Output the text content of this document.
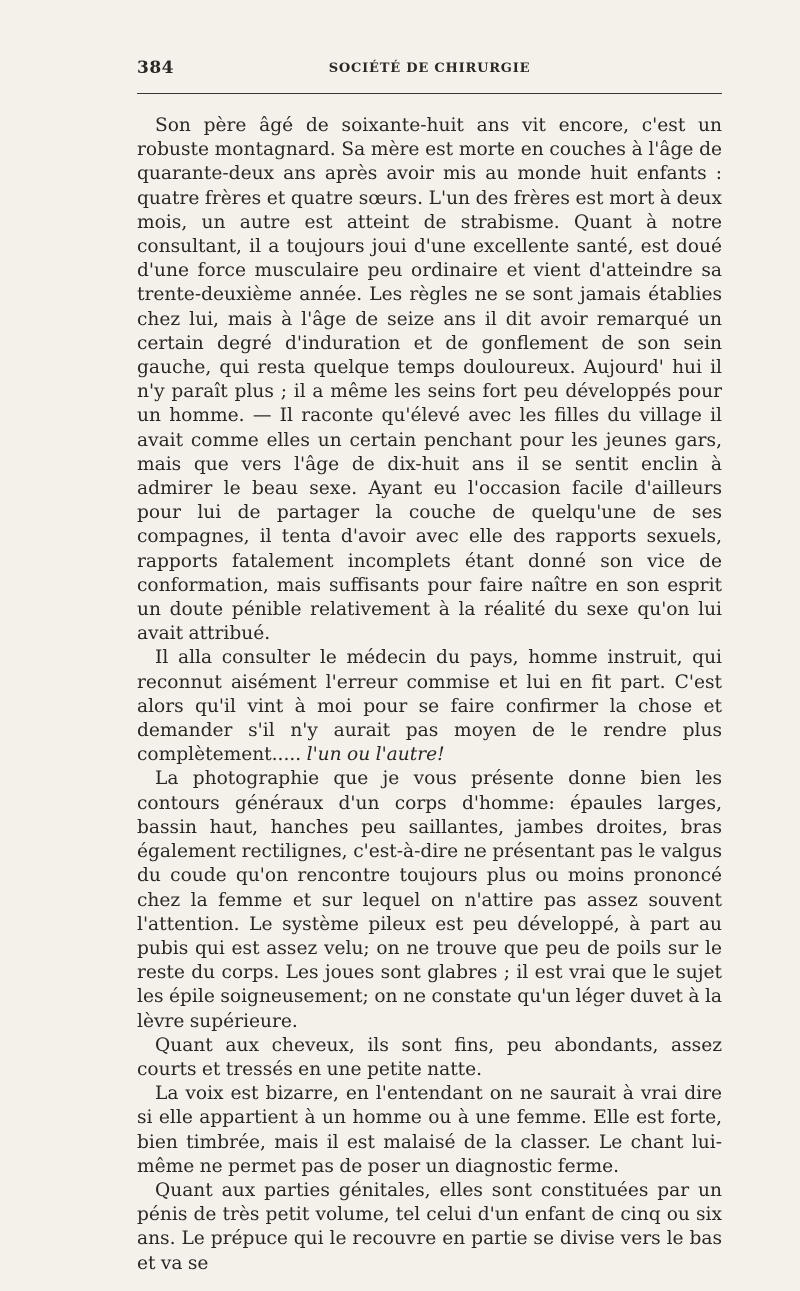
384	SOCIÉTÉ DE CHIRURGIE

Son père âgé de soixante-huit ans vit encore, c'est un robuste montagnard. Sa mère est morte en couches à l'âge de quarante-deux ans après avoir mis au monde huit enfants : quatre frères et quatre sœurs. L'un des frères est mort à deux mois, un autre est atteint de strabisme. Quant à notre consultant, il a toujours joui d'une excellente santé, est doué d'une force musculaire peu ordinaire et vient d'atteindre sa trente-deuxième année. Les règles ne se sont jamais établies chez lui, mais à l'âge de seize ans il dit avoir remarqué un certain degré d'induration et de gonflement de son sein gauche, qui resta quelque temps douloureux. Aujourd' hui il n'y paraît plus ; il a même les seins fort peu développés pour un homme. — Il raconte qu'élevé avec les filles du village il avait comme elles un certain penchant pour les jeunes gars, mais que vers l'âge de dix-huit ans il se sentit enclin à admirer le beau sexe. Ayant eu l'occasion facile d'ailleurs pour lui de partager la couche de quelqu'une de ses compagnes, il tenta d'avoir avec elle des rapports sexuels, rapports fatalement incomplets étant donné son vice de conformation, mais suffisants pour faire naître en son esprit un doute pénible relativement à la réalité du sexe qu'on lui avait attribué.

Il alla consulter le médecin du pays, homme instruit, qui reconnut aisément l'erreur commise et lui en fit part. C'est alors qu'il vint à moi pour se faire confirmer la chose et demander s'il n'y aurait pas moyen de le rendre plus complètement..... l'un ou l'autre!

La photographie que je vous présente donne bien les contours généraux d'un corps d'homme: épaules larges, bassin haut, hanches peu saillantes, jambes droites, bras également rectilignes, c'est-à-dire ne présentant pas le valgus du coude qu'on rencontre toujours plus ou moins prononcé chez la femme et sur lequel on n'attire pas assez souvent l'attention. Le système pileux est peu développé, à part au pubis qui est assez velu; on ne trouve que peu de poils sur le reste du corps. Les joues sont glabres ; il est vrai que le sujet les épile soigneusement; on ne constate qu'un léger duvet à la lèvre supérieure.

Quant aux cheveux, ils sont fins, peu abondants, assez courts et tressés en une petite natte.

La voix est bizarre, en l'entendant on ne saurait à vrai dire si elle appartient à un homme ou à une femme. Elle est forte, bien timbrée, mais il est malaisé de la classer. Le chant lui-même ne permet pas de poser un diagnostic ferme.

Quant aux parties génitales, elles sont constituées par un pénis de très petit volume, tel celui d'un enfant de cinq ou six ans. Le prépuce qui le recouvre en partie se divise vers le bas et va se
